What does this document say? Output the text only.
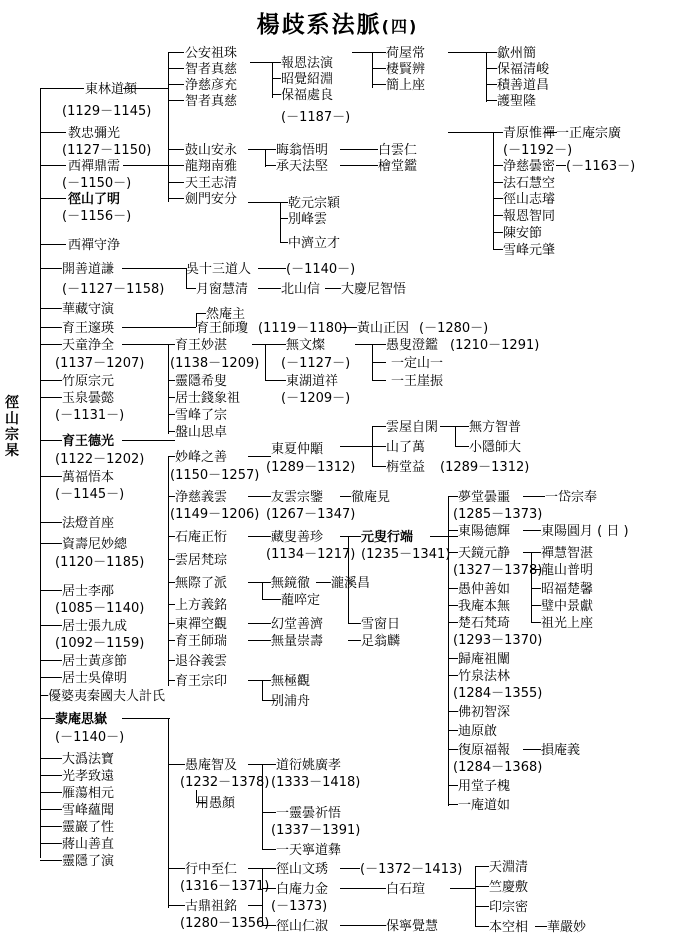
楊歧系法脈(四)
徑
山
宗
杲
公安祖珠
智者真慈
浄慈彦充
智者真慈
報恩法演
昭覺紹淵
保福處良
(－1187－)
荷屋常
棲賢辨
簡上座
歙州簡
保福清峻
積善道昌
護聖隆
東林道顏
(1129－1145)
教忠彌光
(1127－1150)
西禪鼎需
(－1150－)
徑山了明
(－1156－)
西禪守浄
開善道謙
(－1127－1158)
華藏守演
育王邃瑛
天童浄全
(1137－1207)
竹原宗元
玉泉曇懿
(－1131－)
育王德光
(1122－1202)
萬福悟本
(－1145－)
法燈首座
資壽尼妙總
(1120－1185)
居士李邴
(1085－1140)
居士張九成
(1092－1159)
居士黃彦節
居士吳偉明
優婆夷秦國夫人計氏
蒙庵思嶽
(－1140－)
大潙法寶
光孝致遠
雁蕩相元
雪峰蘊聞
靈巖了性
蔣山善直
靈隱了演
鼓山安永
龍翔南雅
天王志清
劍門安分
晦翁悟明
承天法堅
白雲仁
檜堂鑑
乾元宗穎
別峰雲
中濟立才
青原惟禪 一正庵宗廣
(－1192－)
浄慈曇密 (－1163－)
法石慧空
徑山志璿
報恩智同
陳安節
雪峰元肇
吳十三道人	(－1140－)
月窗慧清	北山信 大慶尼智悟
然庵主
育王師瓊 (1119－1180) 黃山正因 (－1280－)
育王妙湛
(1138－1209)
靈隱希叟
居士錢象祖
雪峰了宗
盤山思卓
無文燦
(－1127－)
東湖道祥
(－1209－)
愚叟澄鑑 (1210－1291)
一定山一
一王崖振
雲屋自閑
山了萬
栴堂益 (1289－1312)
無方智普
小隱師大
妙峰之善
(1150－1257)
浄慈義雲
(1149－1206)
石庵正㤚
雲居梵琮
無際了派
上方義銘
東禪空觀
育王師瑞
退谷義雲
育王宗印
東夏仲顒
(1289－1312)
友雲宗鑒
(1267－1347)
藏叟善珍
(1134－1217)
無鏡徹 瀧溪昌
蘢啐定
幻堂善濟
無量崇壽
無極觀
別浦舟
徹庵見
元叟行端
(1235－1341)
雪窗日
足翁麟
夢堂曇噩
(1285－1373)
東陽德輝
天鏡元静
(1327－1378)
愚仲善如
我庵本無
楚石梵琦
(1293－1370)
歸庵祖闡
竹泉法林
(1284－1355)
佛初智深
迪原啟
復原福報
(1284－1368)
用堂子槐
一庵道如
一岱宗奉
東陽圓月 ( 日 )
禪慧智湛
龍山普明
昭福楚馨
璧中景獻
祖光上座
損庵義
愚庵智及
(1232－1378)
用愚顏
道衍姚廣孝
(1333－1418)
一靈曇祈悟
(1337－1391)
一天寧道彝
行中至仁
(1316－1371)
古鼎祖銘
(1280－1356)
徑山文琇
白庵力金
(－1373)
徑山仁淑
(－1372－1413)
白石瑄
保寧覺慧
天淵清
竺慶敷
印宗密
本空相 華嚴妙
